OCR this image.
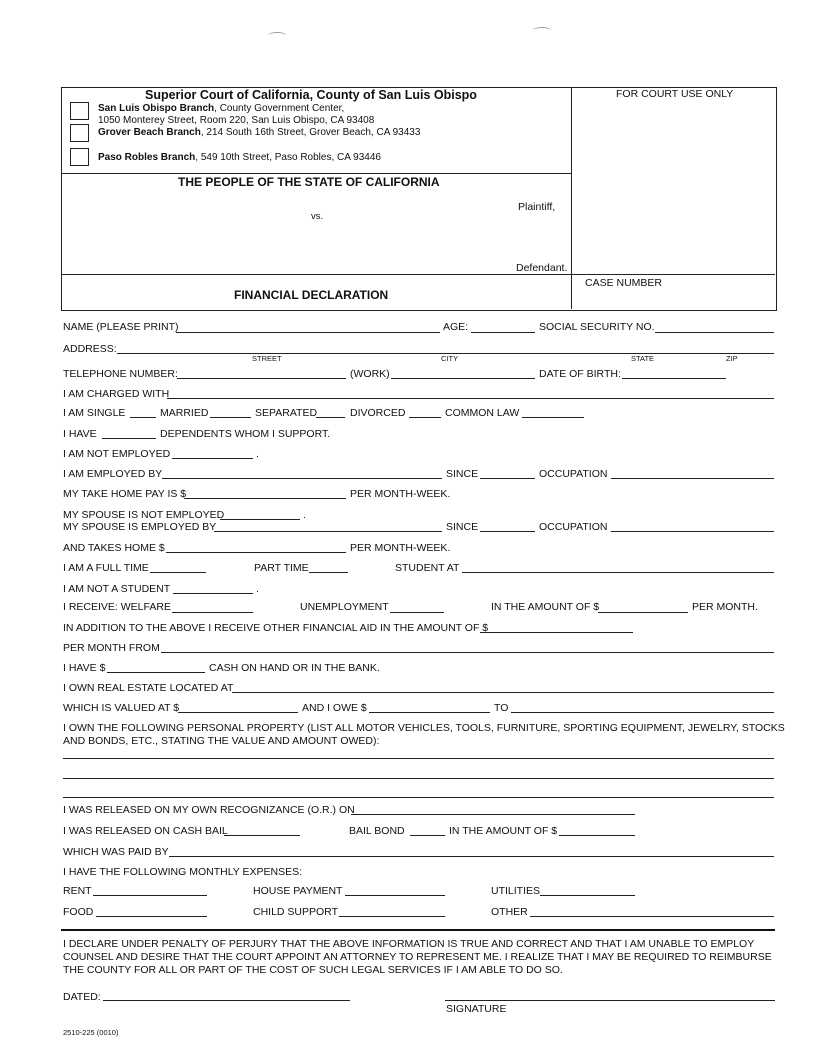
Superior Court of California, County of San Luis Obispo	FOR COURT USE ONLY
San Luis Obispo Branch, County Government Center,
1050 Monterey Street, Room 220, San Luis Obispo, CA 93408
Grover Beach Branch, 214 South 16th Street, Grover Beach, CA 93433
Paso Robles Branch, 549 10th Street, Paso Robles, CA 93446
THE PEOPLE OF THE STATE OF CALIFORNIA
Plaintiff,
vs.
Defendant.
CASE NUMBER
FINANCIAL DECLARATION
NAME (PLEASE PRINT)	AGE:	SOCIAL SECURITY NO.
ADDRESS:
STREET	CITY	STATE	ZIP
TELEPHONE NUMBER:	(WORK)	DATE OF BIRTH:
I AM CHARGED WITH
I AM SINGLE	MARRIED	SEPARATED	DIVORCED	COMMON LAW
I HAVE	DEPENDENTS WHOM I SUPPORT.
I AM NOT EMPLOYED	.
I AM EMPLOYED BY	SINCE	OCCUPATION
MY TAKE HOME PAY IS $	PER MONTH-WEEK.
MY SPOUSE IS NOT EMPLOYED	.
MY SPOUSE IS EMPLOYED BY	SINCE	OCCUPATION
AND TAKES HOME $	PER MONTH-WEEK.
I AM A FULL TIME	PART TIME	STUDENT AT
I AM NOT A STUDENT	.
I RECEIVE: WELFARE	UNEMPLOYMENT	IN THE AMOUNT OF $	PER MONTH.
IN ADDITION TO THE ABOVE I RECEIVE OTHER FINANCIAL AID IN THE AMOUNT OF $
PER MONTH FROM
I HAVE $	CASH ON HAND OR IN THE BANK.
I OWN REAL ESTATE LOCATED AT
WHICH IS VALUED AT $	AND I OWE $	TO
I OWN THE FOLLOWING PERSONAL PROPERTY (LIST ALL MOTOR VEHICLES, TOOLS, FURNITURE, SPORTING EQUIPMENT, JEWELRY, STOCKS
AND BONDS, ETC., STATING THE VALUE AND AMOUNT OWED):
I WAS RELEASED ON MY OWN RECOGNIZANCE (O.R.) ON
I WAS RELEASED ON CASH BAIL	BAIL BOND	IN THE AMOUNT OF $
WHICH WAS PAID BY
I HAVE THE FOLLOWING MONTHLY EXPENSES:
RENT	HOUSE PAYMENT	UTILITIES
FOOD	CHILD SUPPORT	OTHER
I DECLARE UNDER PENALTY OF PERJURY THAT THE ABOVE INFORMATION IS TRUE AND CORRECT AND THAT I AM UNABLE TO EMPLOY
COUNSEL AND DESIRE THAT THE COURT APPOINT AN ATTORNEY TO REPRESENT ME. I REALIZE THAT I MAY BE REQUIRED TO REIMBURSE
THE COUNTY FOR ALL OR PART OF THE COST OF SUCH LEGAL SERVICES IF I AM ABLE TO DO SO.
DATED:
SIGNATURE
2510-225 (0010)
